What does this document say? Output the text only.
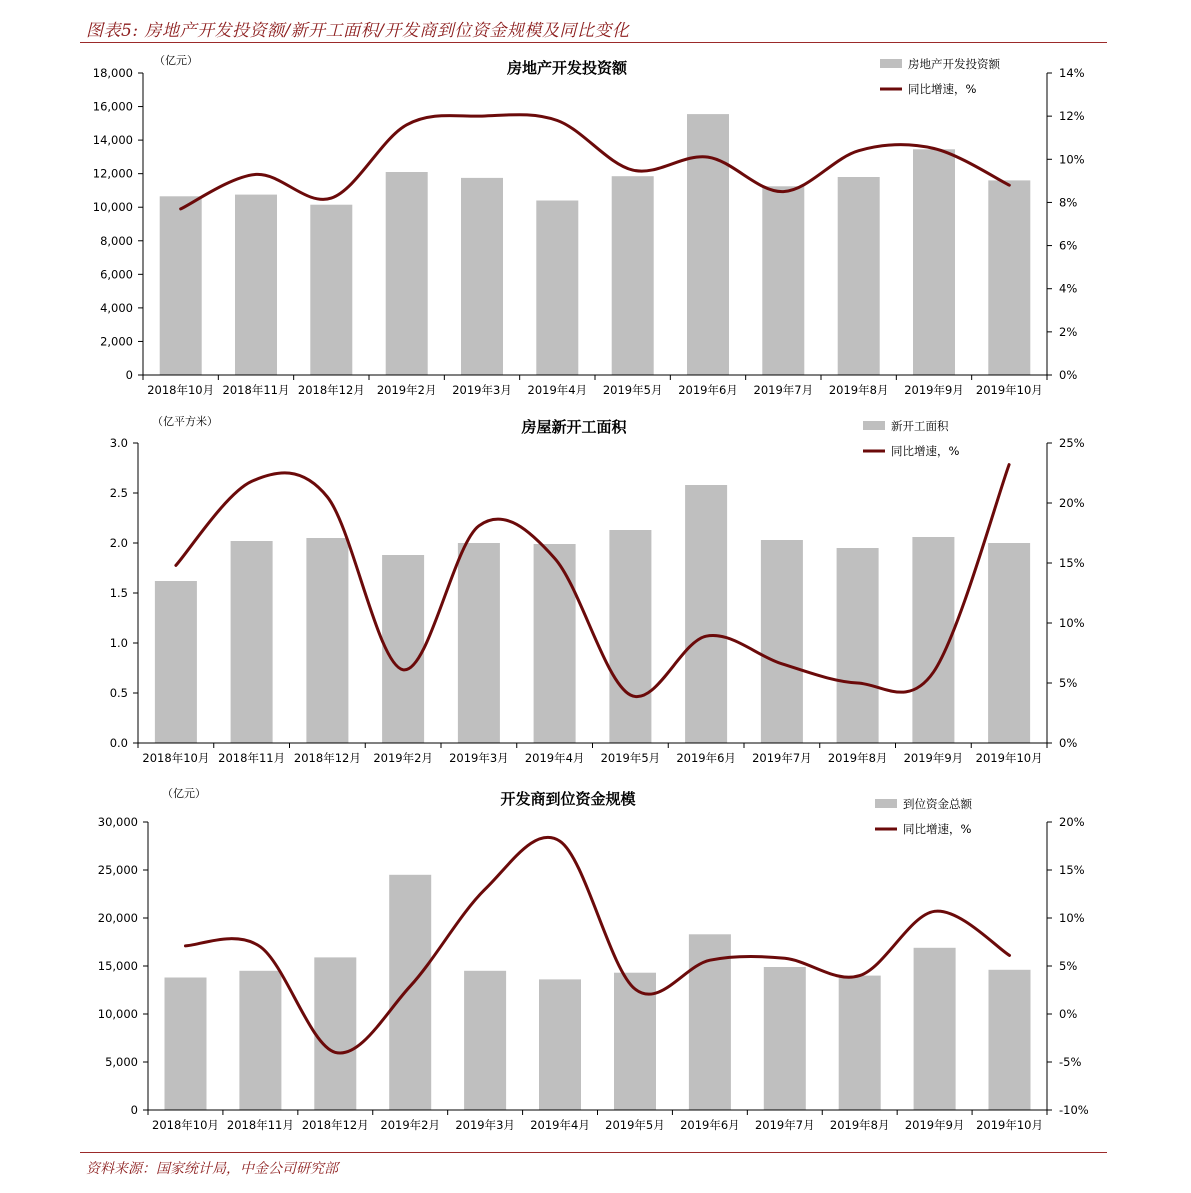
图表5: 房地产开发投资额/新开工面积/开发商到位资金规模及同比变化
房地产开发投资额
（亿元）
0
2,000
4,000
6,000
8,000
10,000
12,000
14,000
16,000
18,000
0%
2%
4%
6%
8%
10%
12%
14%
2018年10月 2018年11月 2018年12月 2019年2月 2019年3月 2019年4月 2019年5月 2019年6月 2019年7月 2019年8月 2019年9月 2019年10月
房地产开发投资额
同比增速，%
房屋新开工面积
（亿平方米）
0.0
0.5
1.0
1.5
2.0
2.5
3.0
0%
5%
10%
15%
20%
25%
2018年10月 2018年11月 2018年12月 2019年2月 2019年3月 2019年4月 2019年5月 2019年6月 2019年7月 2019年8月 2019年9月 2019年10月
新开工面积
同比增速，%
开发商到位资金规模
（亿元）
0
5,000
10,000
15,000
20,000
25,000
30,000
-10%
-5%
0%
5%
10%
15%
20%
2018年10月 2018年11月 2018年12月 2019年2月 2019年3月 2019年4月 2019年5月 2019年6月 2019年7月 2019年8月 2019年9月 2019年10月
到位资金总额
同比增速，%
资料来源：国家统计局，中金公司研究部
